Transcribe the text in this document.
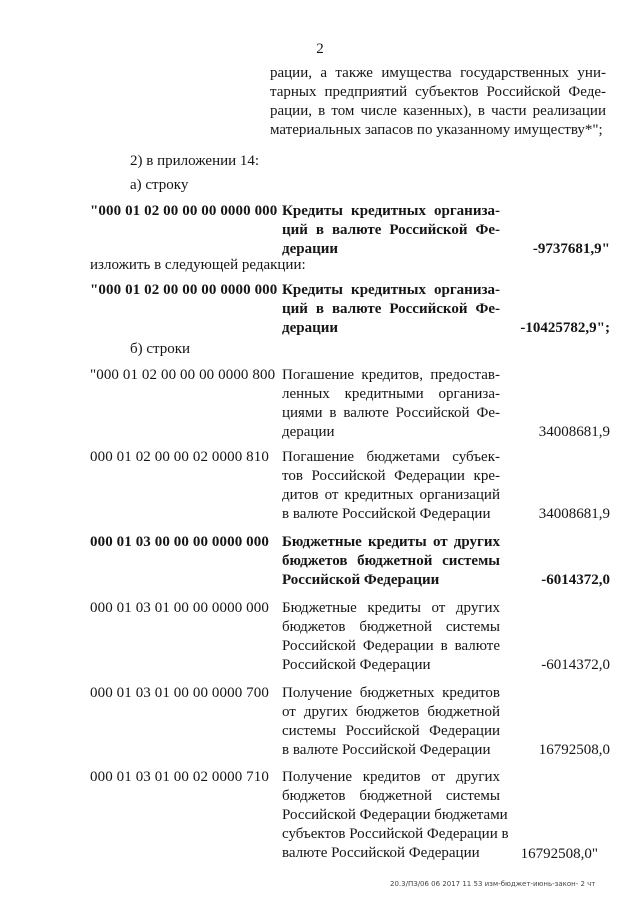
2
рации, а также имущества государственных уни-
тарных предприятий субъектов Российской Феде-
рации, в том числе казенных), в части реализации
материальных запасов по указанному имуществу*";
2) в приложении 14:
а) строку
"000 01 02 00 00 00 0000 000 Кредиты кредитных организа-
ций в валюте Российской Фе-
дерации	-9737681,9"
изложить в следующей редакции:
"000 01 02 00 00 00 0000 000 Кредиты кредитных организа-
ций в валюте Российской Фе-
дерации	-10425782,9";
б) строки
"000 01 02 00 00 00 0000 800 Погашение кредитов, предостав-
ленных кредитными организа-
циями в валюте Российской Фе-
дерации	34008681,9
000 01 02 00 00 02 0000 810 Погашение бюджетами субъек-
тов Российской Федерации кре-
дитов от кредитных организаций
в валюте Российской Федерации	34008681,9
000 01 03 00 00 00 0000 000 Бюджетные кредиты от других
бюджетов бюджетной системы
Российской Федерации	-6014372,0
000 01 03 01 00 00 0000 000 Бюджетные кредиты от других
бюджетов бюджетной системы
Российской Федерации в валюте
Российской Федерации	-6014372,0
000 01 03 01 00 00 0000 700 Получение бюджетных кредитов
от других бюджетов бюджетной
системы Российской Федерации
в валюте Российской Федерации	16792508,0
000 01 03 01 00 02 0000 710 Получение кредитов от других
бюджетов бюджетной системы
Российской Федерации бюджетами
субъектов Российской Федерации в
валюте Российской Федерации	16792508,0"
20.3/ПЗ/06 06 2017 11 53 изм-бюджет-июнь-закон- 2 чт
